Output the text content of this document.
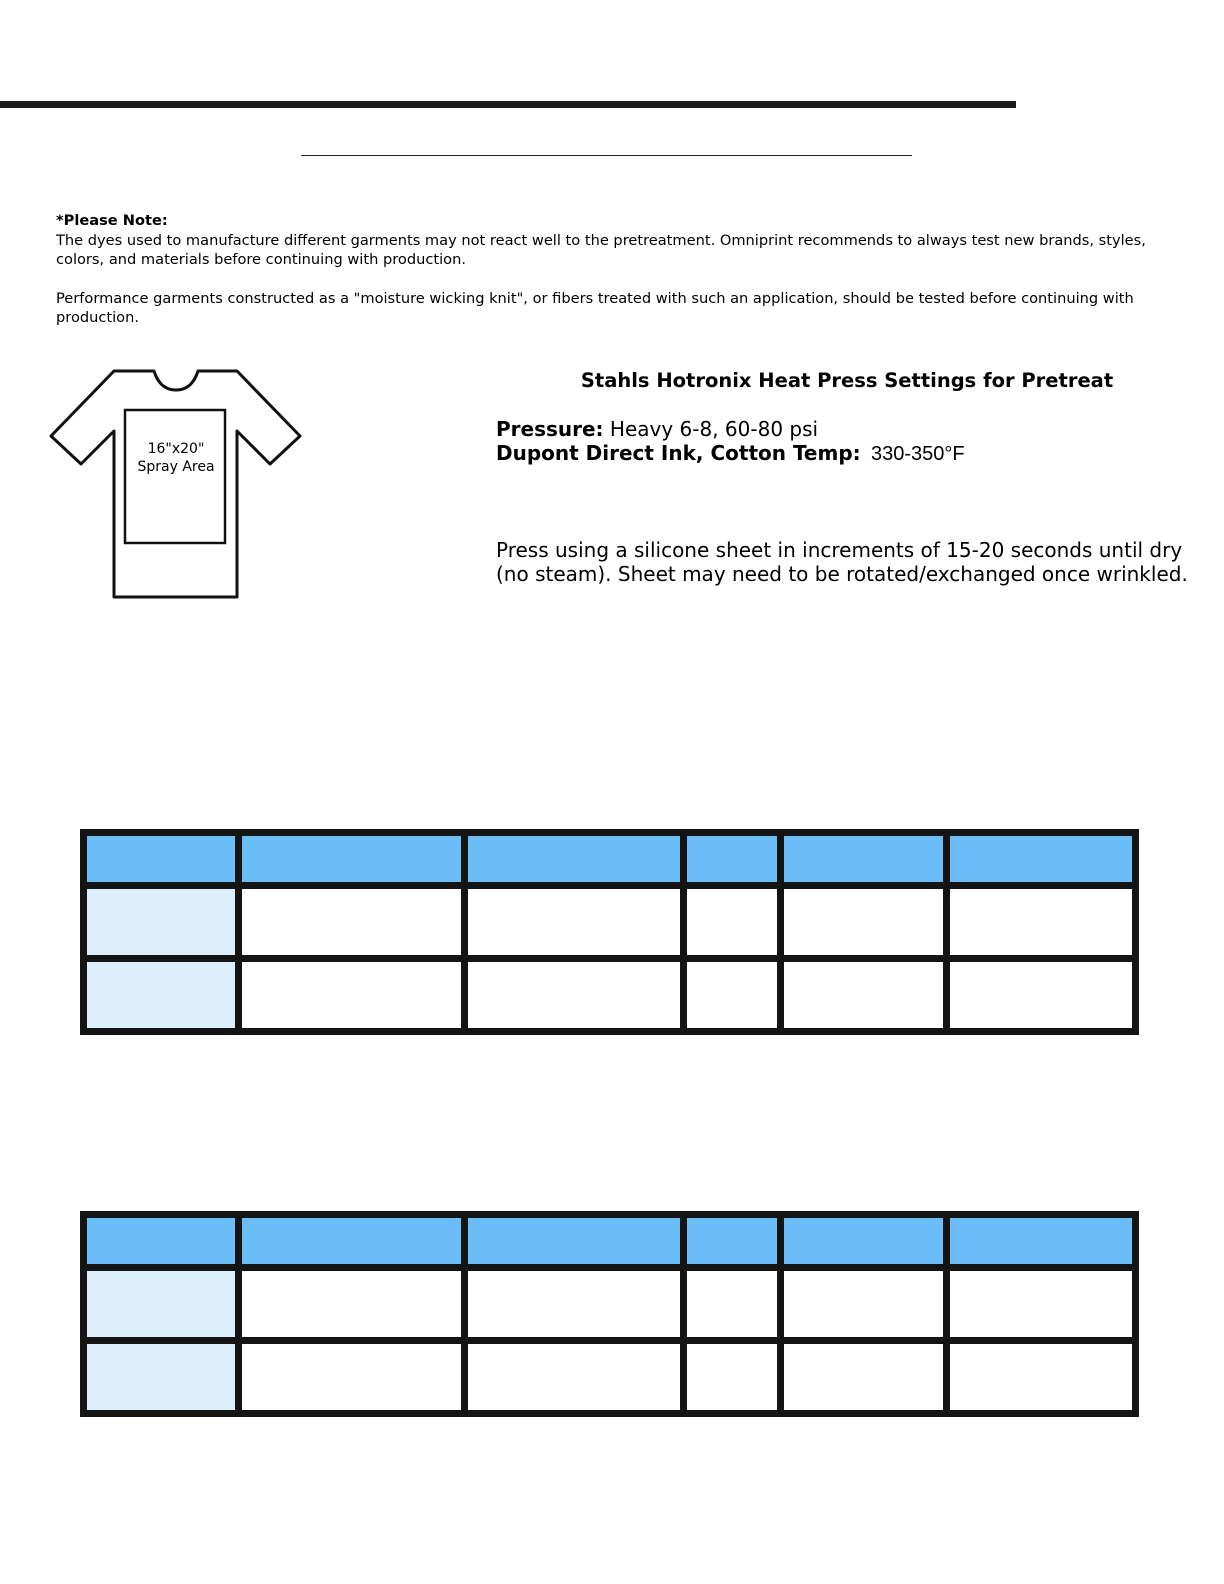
*Please Note:

The dyes used to manufacture different garments may not react well to the pretreatment. Omniprint recommends to always test new brands, styles, colors, and materials before continuing with production.

Performance garments constructed as a "moisture wicking knit", or fibers treated with such an application, should be tested before continuing with production.

16"x20"
Spray Area
Stahls Hotronix Heat Press Settings for Pretreat
Pressure: Heavy 6-8, 60-80 psi
Dupont Direct Ink, Cotton Temp: 330-350°F

Press using a silicone sheet in increments of 15-20 seconds until dry

(no steam). Sheet may need to be rotated/exchanged once wrinkled.
